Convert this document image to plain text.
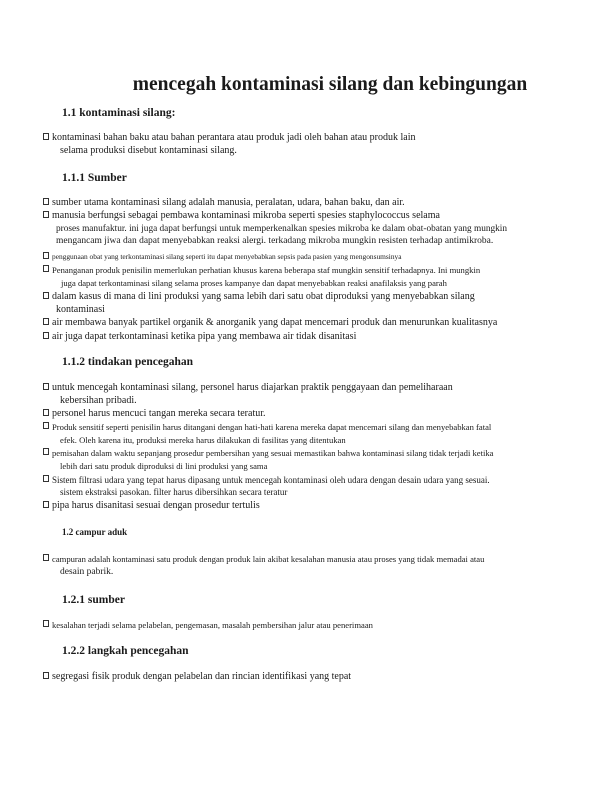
mencegah kontaminasi silang dan kebingungan
1.1 kontaminasi silang:
kontaminasi bahan baku atau bahan perantara atau produk jadi oleh bahan atau produk lain
selama produksi disebut kontaminasi silang.
1.1.1 Sumber
sumber utama kontaminasi silang adalah manusia, peralatan, udara, bahan baku, dan air.
manusia berfungsi sebagai pembawa kontaminasi mikroba seperti spesies staphylococcus selama
proses manufaktur. ini juga dapat berfungsi untuk memperkenalkan spesies mikroba ke dalam obat-obatan yang mungkin
mengancam jiwa dan dapat menyebabkan reaksi alergi. terkadang mikroba mungkin resisten terhadap antimikroba.
penggunaan obat yang terkontaminasi silang seperti itu dapat menyebabkan sepsis pada pasien yang mengonsumsinya
Penanganan produk penisilin memerlukan perhatian khusus karena beberapa staf mungkin sensitif terhadapnya. Ini mungkin
juga dapat terkontaminasi silang selama proses kampanye dan dapat menyebabkan reaksi anafilaksis yang parah
dalam kasus di mana di lini produksi yang sama lebih dari satu obat diproduksi yang menyebabkan silang
kontaminasi
air membawa banyak partikel organik & anorganik yang dapat mencemari produk dan menurunkan kualitasnya
air juga dapat terkontaminasi ketika pipa yang membawa air tidak disanitasi
1.1.2 tindakan pencegahan
untuk mencegah kontaminasi silang, personel harus diajarkan praktik penggayaan dan pemeliharaan
kebersihan pribadi.
personel harus mencuci tangan mereka secara teratur.
Produk sensitif seperti penisilin harus ditangani dengan hati-hati karena mereka dapat mencemari silang dan menyebabkan fatal
efek. Oleh karena itu, produksi mereka harus dilakukan di fasilitas yang ditentukan
pemisahan dalam waktu sepanjang prosedur pembersihan yang sesuai memastikan bahwa kontaminasi silang tidak terjadi ketika
lebih dari satu produk diproduksi di lini produksi yang sama
Sistem filtrasi udara yang tepat harus dipasang untuk mencegah kontaminasi oleh udara dengan desain udara yang sesuai.
sistem ekstraksi pasokan. filter harus dibersihkan secara teratur
pipa harus disanitasi sesuai dengan prosedur tertulis
1.2 campur aduk
campuran adalah kontaminasi satu produk dengan produk lain akibat kesalahan manusia atau proses yang tidak memadai atau
desain pabrik.
1.2.1 sumber
kesalahan terjadi selama pelabelan, pengemasan, masalah pembersihan jalur atau penerimaan
1.2.2 langkah pencegahan
segregasi fisik produk dengan pelabelan dan rincian identifikasi yang tepat
